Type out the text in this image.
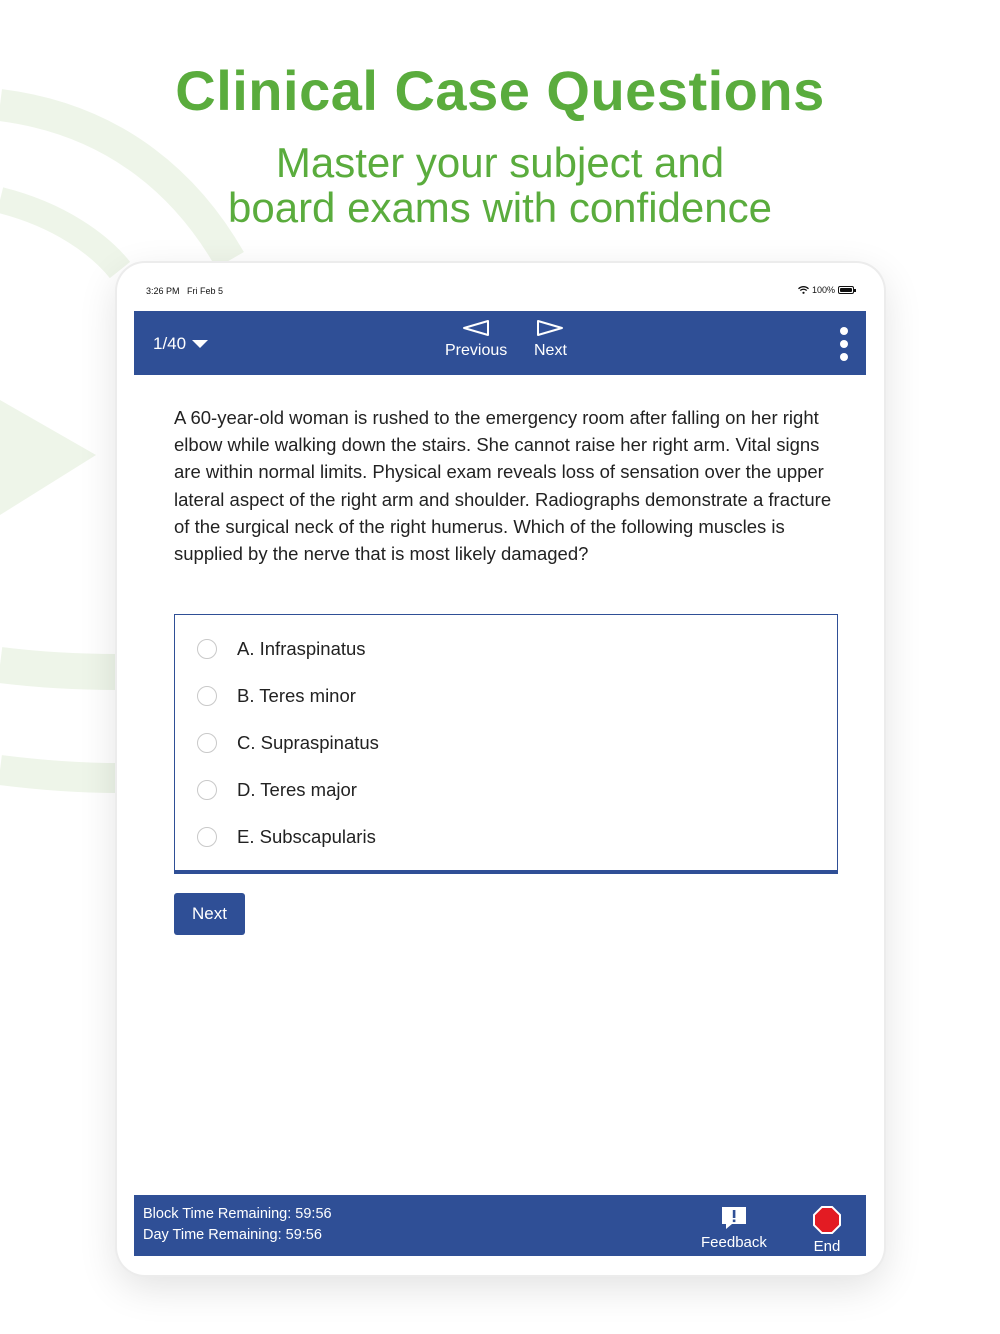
Clinical Case Questions
Master your subject and
board exams with confidence
3:26 PM Fri Feb 5	100%
1/40	Previous Next
A 60-year-old woman is rushed to the emergency room after falling on her right elbow while walking down the stairs. She cannot raise her right arm. Vital signs are within normal limits. Physical exam reveals loss of sensation over the upper lateral aspect of the right arm and shoulder. Radiographs demonstrate a fracture of the surgical neck of the right humerus. Which of the following muscles is supplied by the nerve that is most likely damaged?
A. Infraspinatus
B. Teres minor
C. Supraspinatus
D. Teres major
E. Subscapularis
Next
Block Time Remaining: 59:56
Day Time Remaining: 59:56	Feedback	End
